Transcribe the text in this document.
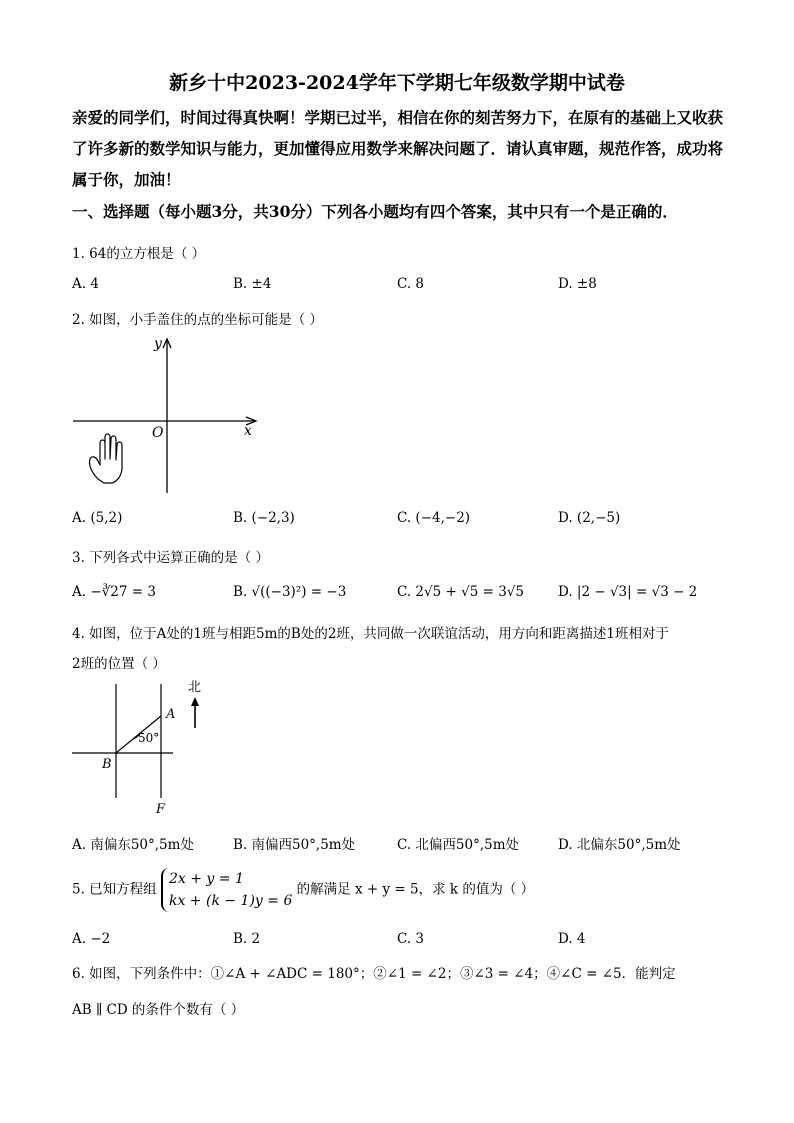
新乡十中2023-2024学年下学期七年级数学期中试卷
亲爱的同学们，时间过得真快啊！学期已过半，相信在你的刻苦努力下，在原有的基础上又收获了许多新的数学知识与能力，更加懂得应用数学来解决问题了．请认真审题，规范作答，成功将属于你，加油！
一、选择题（每小题3分，共30分）下列各小题均有四个答案，其中只有一个是正确的．
1. 64的立方根是（ ）
A. 4	B. ±4	C. 8	D. ±8
2. 如图，小手盖住的点的坐标可能是（ ）
y
x
O
A. (5,2)	B. (−2,3)	C. (−4,−2)	D. (2,−5)
3. 下列各式中运算正确的是（ ）
A. −∛27 = 3	B. √((−3)²) = −3	C. 2√5 + √5 = 3√5	D. |2 − √3| = √3 − 2
4. 如图，位于A处的1班与相距5m的B处的2班，共同做一次联谊活动，用方向和距离描述1班相对于
2班的位置（ ）
A
B
F
50°
北
A. 南偏东50°,5m处	B. 南偏西50°,5m处	C. 北偏西50°,5m处	D. 北偏东50°,5m处
5. 已知方程组
2x + y = 1
kx + (k − 1)y = 6
的解满足 x + y = 5，求 k 的值为（ ）
A. −2	B. 2	C. 3	D. 4
6. 如图，下列条件中：①∠A + ∠ADC = 180°；②∠1 = ∠2；③∠3 = ∠4；④∠C = ∠5．能判定
AB ∥ CD 的条件个数有（ ）
